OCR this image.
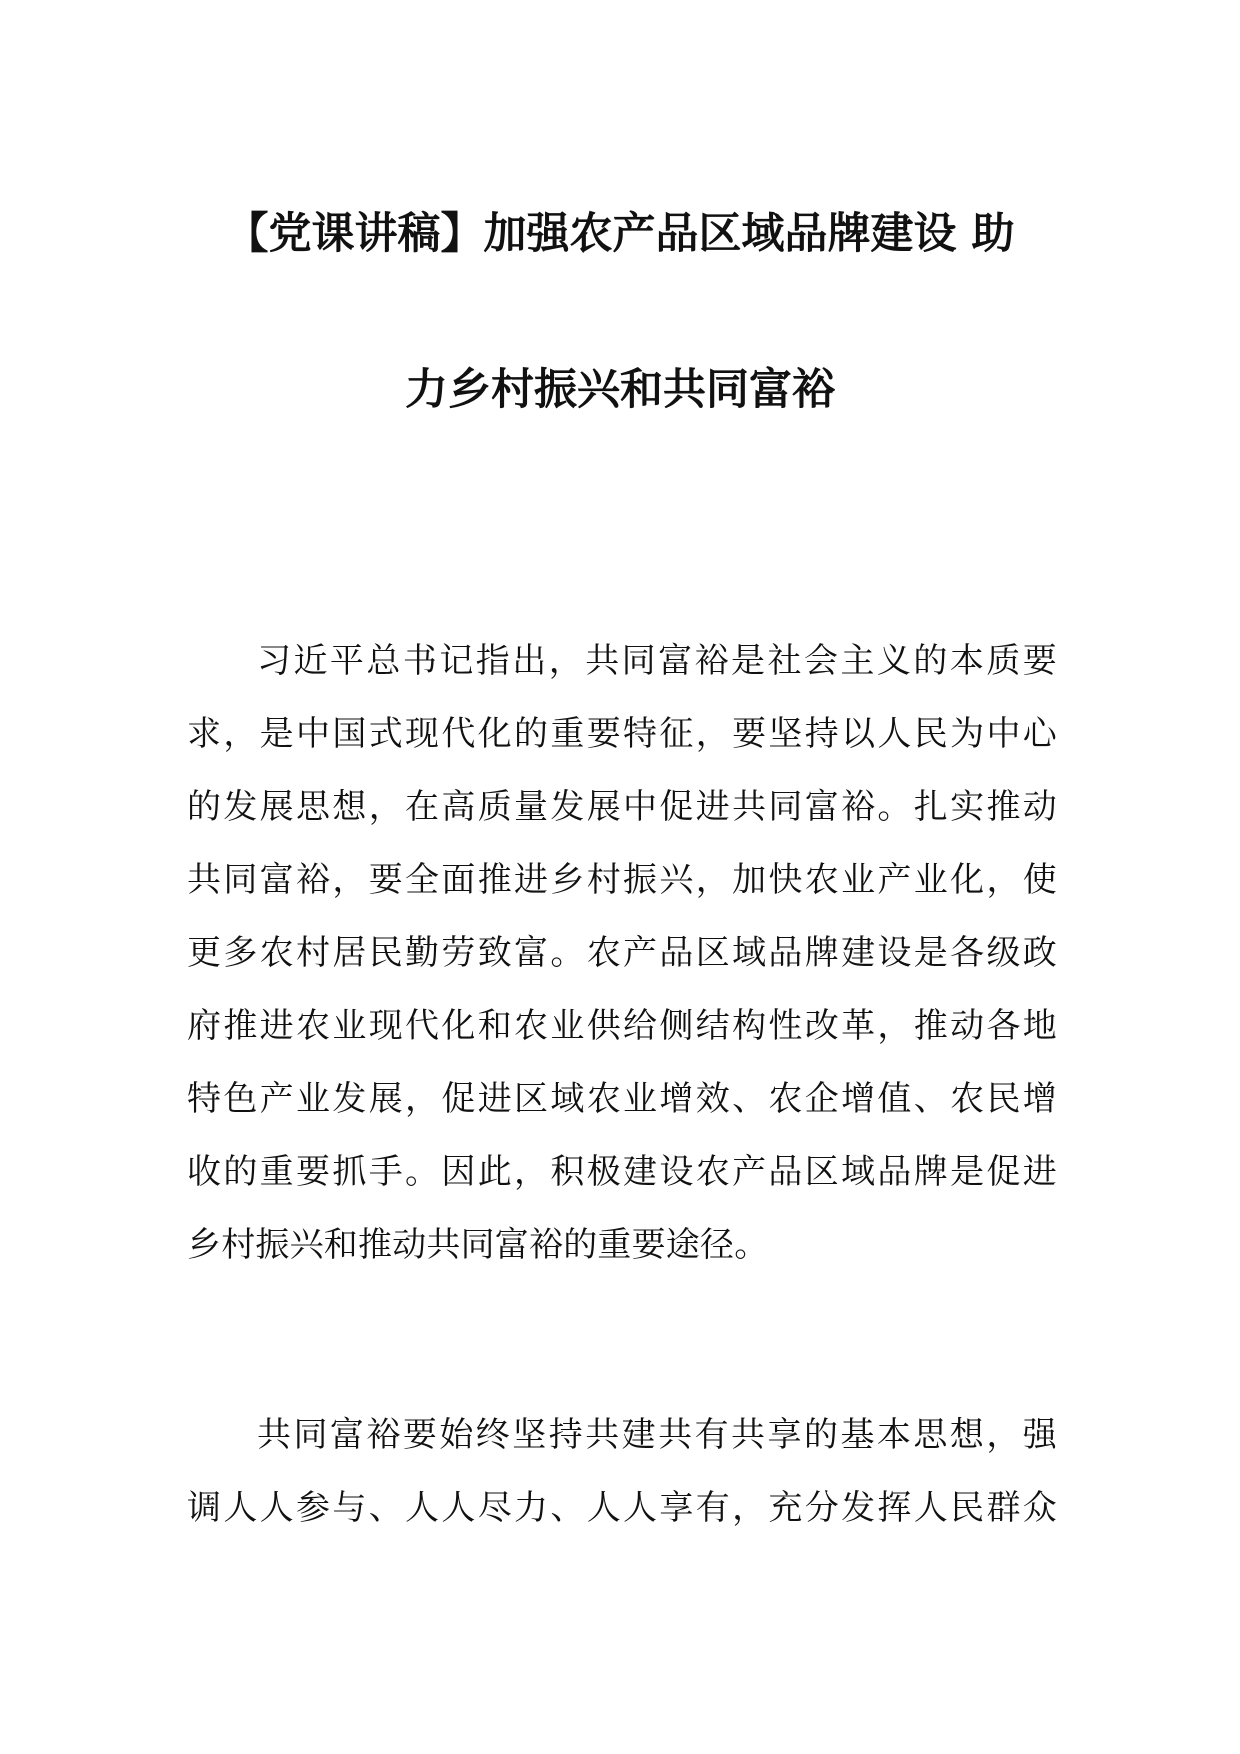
【党课讲稿】加强农产品区域品牌建设 助
力乡村振兴和共同富裕
习近平总书记指出，共同富裕是社会主义的本质要
求，是中国式现代化的重要特征，要坚持以人民为中心
的发展思想，在高质量发展中促进共同富裕。扎实推动
共同富裕，要全面推进乡村振兴，加快农业产业化，使
更多农村居民勤劳致富。农产品区域品牌建设是各级政
府推进农业现代化和农业供给侧结构性改革，推动各地
特色产业发展，促进区域农业增效、农企增值、农民增
收的重要抓手。因此，积极建设农产品区域品牌是促进
乡村振兴和推动共同富裕的重要途径。
共同富裕要始终坚持共建共有共享的基本思想，强
调人人参与、人人尽力、人人享有，充分发挥人民群众
